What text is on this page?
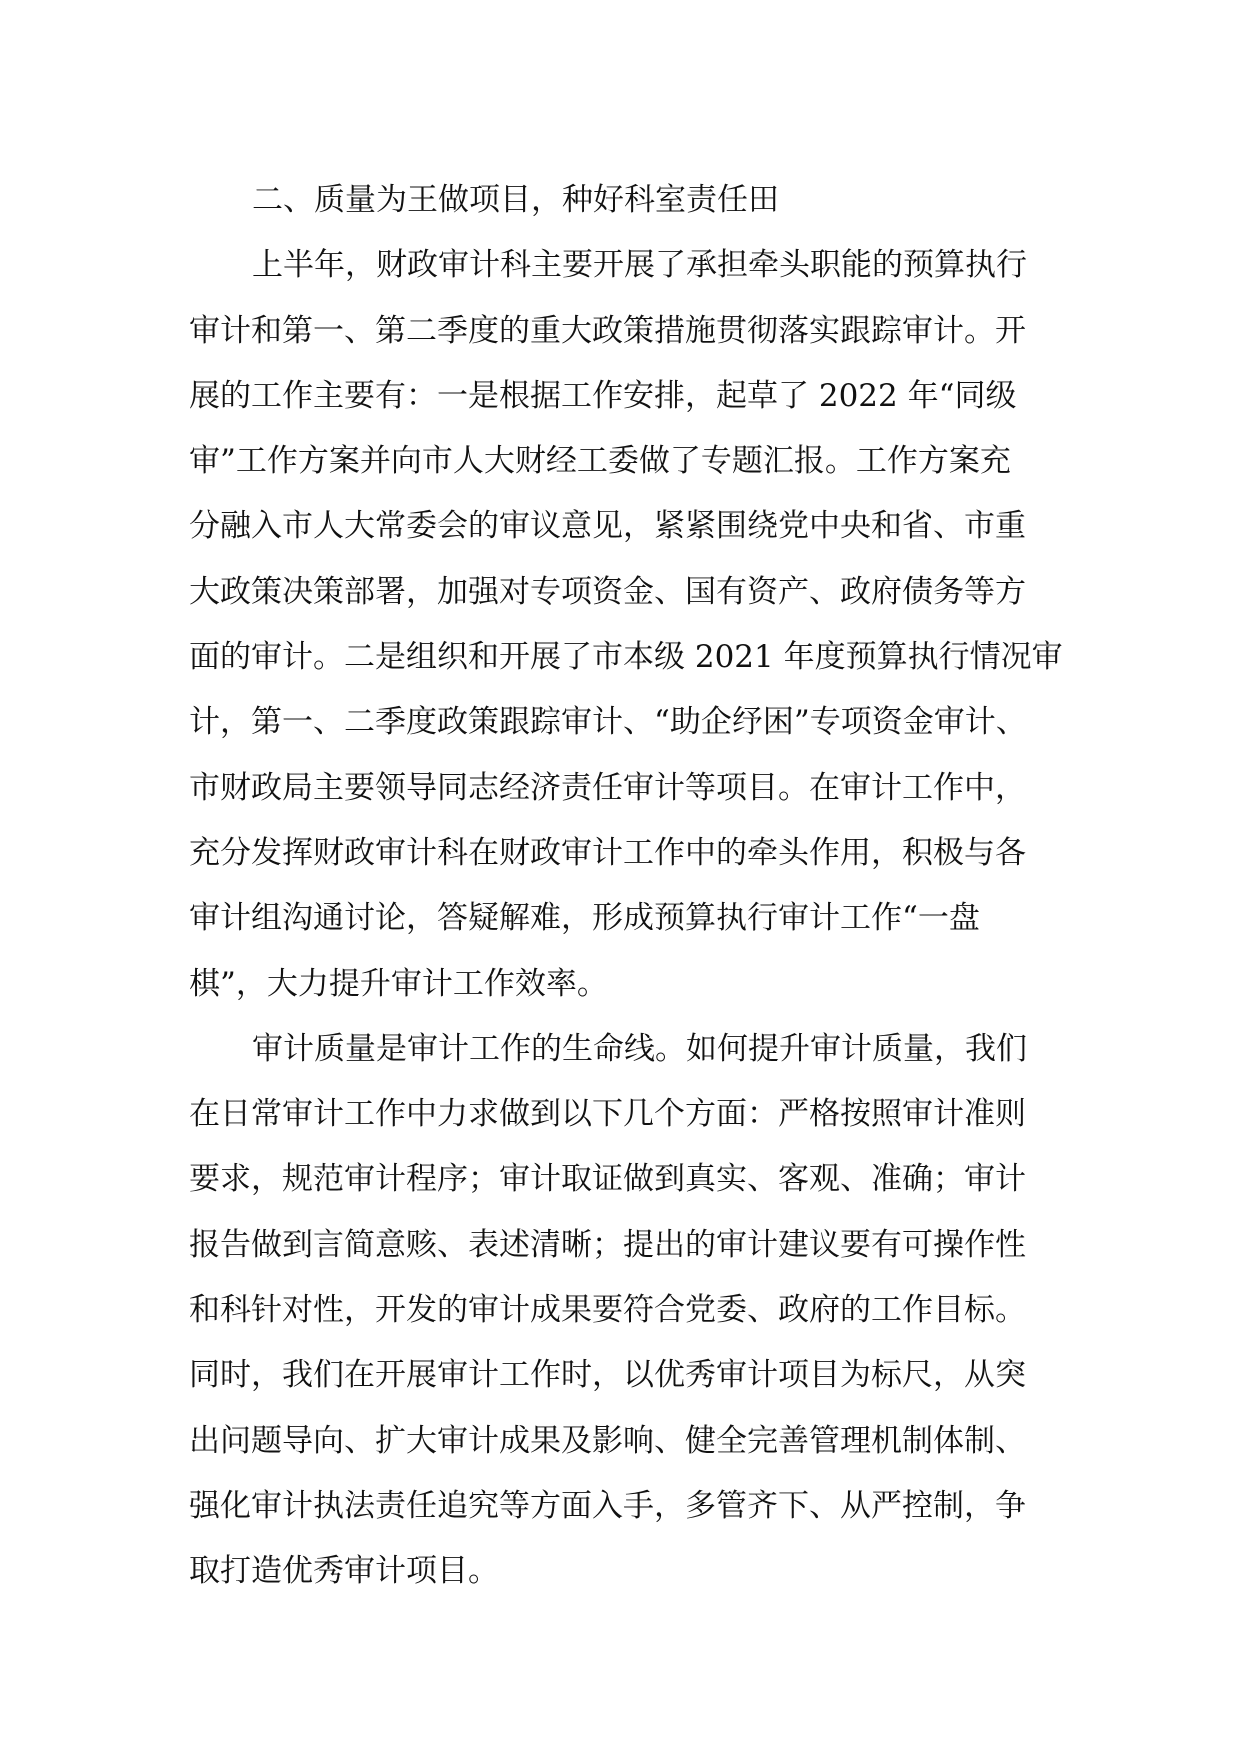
二、质量为王做项目，种好科室责任田
上半年，财政审计科主要开展了承担牵头职能的预算执行
审计和第一、第二季度的重大政策措施贯彻落实跟踪审计。开
展的工作主要有：一是根据工作安排，起草了 2022 年“同级
审”工作方案并向市人大财经工委做了专题汇报。工作方案充
分融入市人大常委会的审议意见，紧紧围绕党中央和省、市重
大政策决策部署，加强对专项资金、国有资产、政府债务等方
面的审计。二是组织和开展了市本级 2021 年度预算执行情况审
计，第一、二季度政策跟踪审计、“助企纾困”专项资金审计、
市财政局主要领导同志经济责任审计等项目。在审计工作中，
充分发挥财政审计科在财政审计工作中的牵头作用，积极与各
审计组沟通讨论，答疑解难，形成预算执行审计工作“一盘
棋”，大力提升审计工作效率。
审计质量是审计工作的生命线。如何提升审计质量，我们
在日常审计工作中力求做到以下几个方面：严格按照审计准则
要求，规范审计程序；审计取证做到真实、客观、准确；审计
报告做到言简意赅、表述清晰；提出的审计建议要有可操作性
和科针对性，开发的审计成果要符合党委、政府的工作目标。
同时，我们在开展审计工作时，以优秀审计项目为标尺，从突
出问题导向、扩大审计成果及影响、健全完善管理机制体制、
强化审计执法责任追究等方面入手，多管齐下、从严控制，争
取打造优秀审计项目。
